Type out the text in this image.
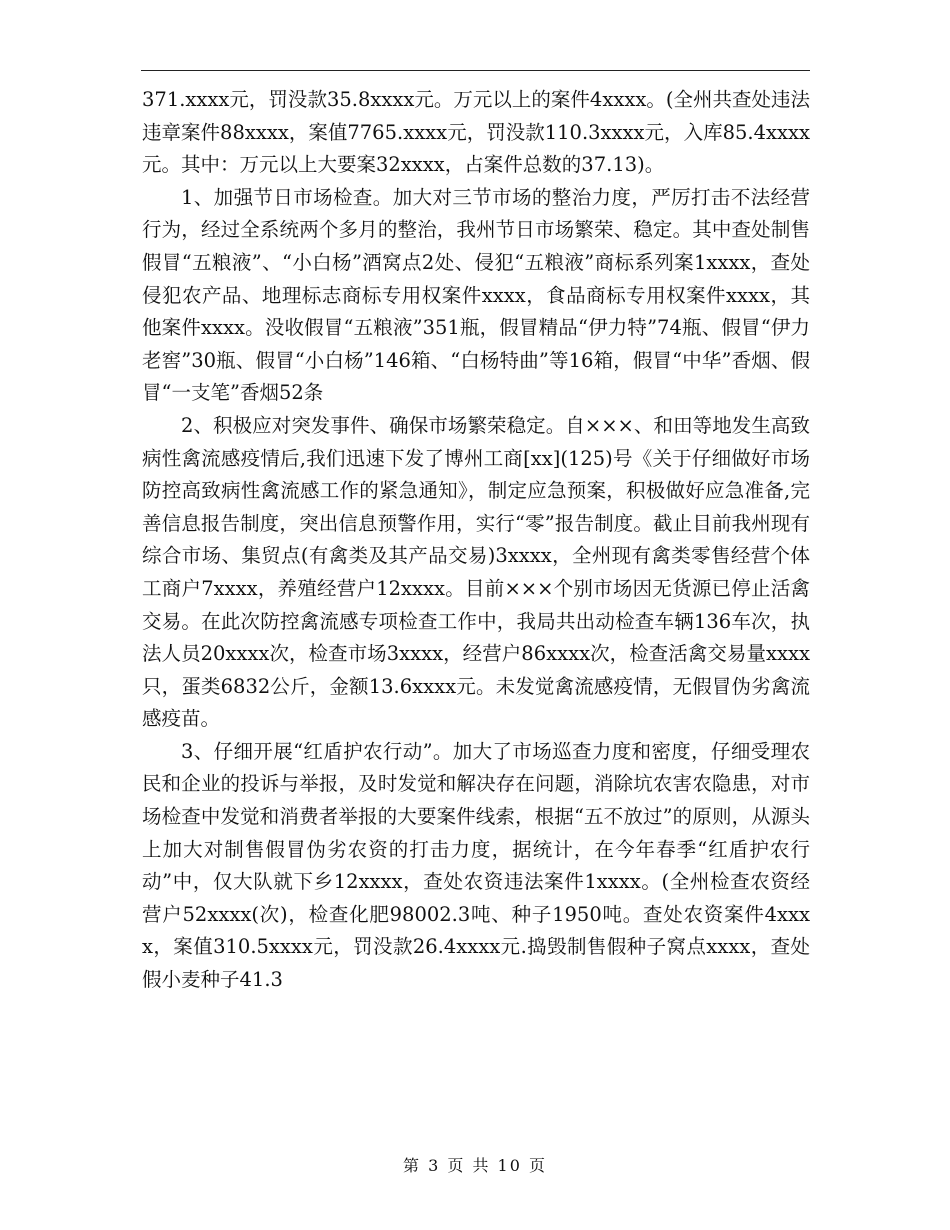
371.xxxx元，罚没款35.8xxxx元。万元以上的案件4xxxx。(全州共查处违法违章案件88xxxx，案值7765.xxxx元，罚没款110.3xxxx元，入库85.4xxxx元。其中：万元以上大要案32xxxx，占案件总数的37.13)。

1、加强节日市场检查。加大对三节市场的整治力度，严厉打击不法经营行为，经过全系统两个多月的整治，我州节日市场繁荣、稳定。其中查处制售假冒“五粮液”、“小白杨”酒窝点2处、侵犯“五粮液”商标系列案1xxxx，查处侵犯农产品、地理标志商标专用权案件xxxx，食品商标专用权案件xxxx，其他案件xxxx。没收假冒“五粮液”351瓶，假冒精品“伊力特”74瓶、假冒“伊力老窖”30瓶、假冒“小白杨”146箱、“白杨特曲”等16箱，假冒“中华”香烟、假冒“一支笔”香烟52条

2、积极应对突发事件、确保市场繁荣稳定。自×××、和田等地发生高致病性禽流感疫情后,我们迅速下发了博州工商[xx](125)号《关于仔细做好市场防控高致病性禽流感工作的紧急通知》，制定应急预案，积极做好应急准备,完善信息报告制度，突出信息预警作用，实行“零”报告制度。截止目前我州现有综合市场、集贸点(有禽类及其产品交易)3xxxx，全州现有禽类零售经营个体工商户7xxxx，养殖经营户12xxxx。目前×××个别市场因无货源已停止活禽交易。在此次防控禽流感专项检查工作中，我局共出动检查车辆136车次，执法人员20xxxx次，检查市场3xxxx，经营户86xxxx次，检查活禽交易量xxxx只，蛋类6832公斤，金额13.6xxxx元。未发觉禽流感疫情，无假冒伪劣禽流感疫苗。

3、仔细开展“红盾护农行动”。加大了市场巡查力度和密度，仔细受理农民和企业的投诉与举报，及时发觉和解决存在问题，消除坑农害农隐患，对市场检查中发觉和消费者举报的大要案件线索，根据“五不放过”的原则，从源头上加大对制售假冒伪劣农资的打击力度，据统计，在今年春季“红盾护农行动”中，仅大队就下乡12xxxx，查处农资违法案件1xxxx。(全州检查农资经营户52xxxx(次)，检查化肥98002.3吨、种子1950吨。查处农资案件4xxxx，案值310.5xxxx元，罚没款26.4xxxx元.捣毁制售假种子窝点xxxx，查处假小麦种子41.3

第 3 页 共 10 页
